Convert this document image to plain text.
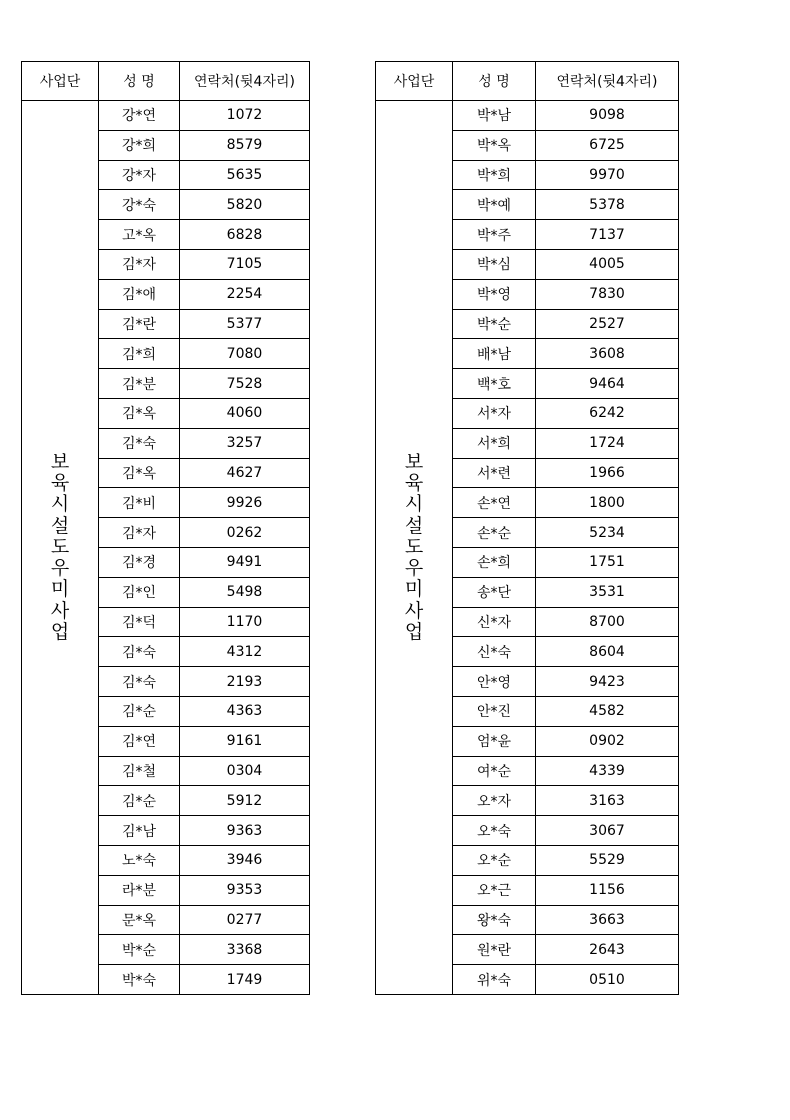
사업단	성 명	연락처(뒷4자리)
보육시설도우미사업	강*연	1072
	강*희	8579
	강*자	5635
	강*숙	5820
	고*옥	6828
	김*자	7105
	김*애	2254
	김*란	5377
	김*희	7080
	김*분	7528
	김*옥	4060
	김*숙	3257
	김*옥	4627
	김*비	9926
	김*자	0262
	김*경	9491
	김*인	5498
	김*덕	1170
	김*숙	4312
	김*숙	2193
	김*순	4363
	김*연	9161
	김*철	0304
	김*순	5912
	김*남	9363
	노*숙	3946
	라*분	9353
	문*옥	0277
	박*순	3368
	박*숙	1749
사업단	성 명	연락처(뒷4자리)
보육시설도우미사업	박*남	9098
	박*옥	6725
	박*희	9970
	박*예	5378
	박*주	7137
	박*심	4005
	박*영	7830
	박*순	2527
	배*남	3608
	백*호	9464
	서*자	6242
	서*희	1724
	서*련	1966
	손*연	1800
	손*순	5234
	손*희	1751
	송*단	3531
	신*자	8700
	신*숙	8604
	안*영	9423
	안*진	4582
	엄*윤	0902
	여*순	4339
	오*자	3163
	오*숙	3067
	오*순	5529
	오*근	1156
	왕*숙	3663
	원*란	2643
	위*숙	0510
